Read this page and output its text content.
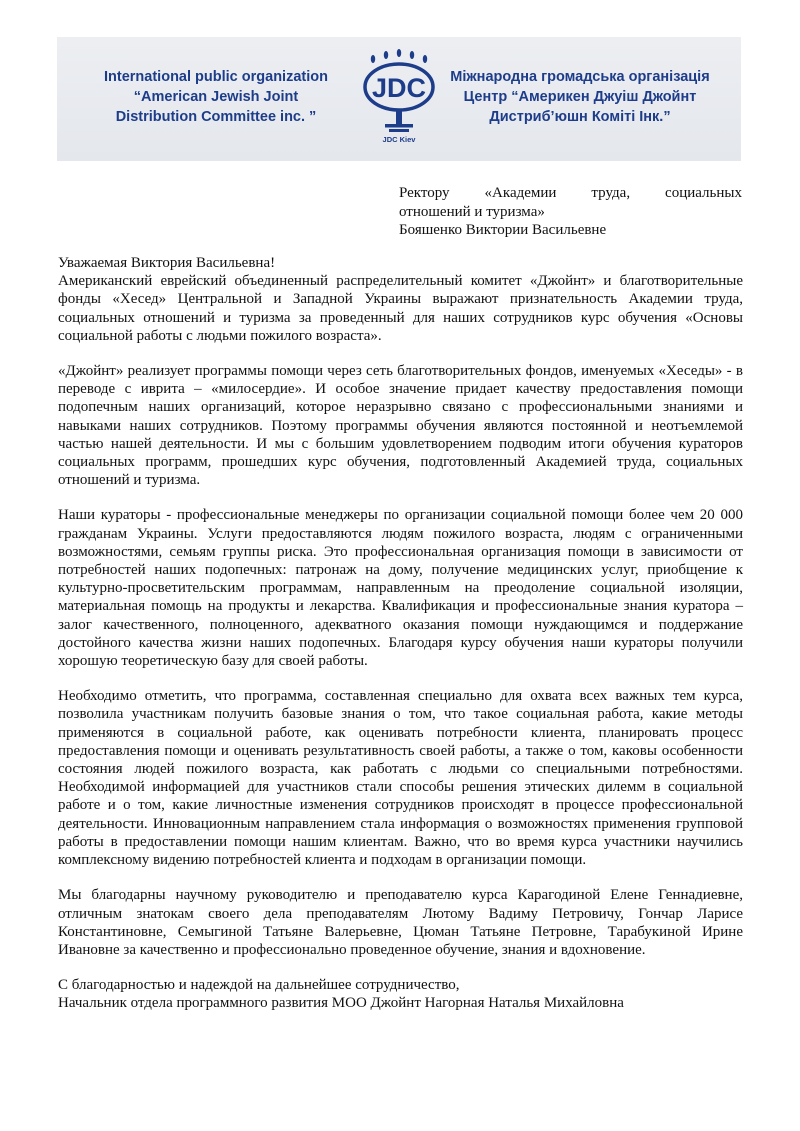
International public organization
“American Jewish Joint
Distribution Committee inc. ”
JDC
JDC Kiev
Міжнародна громадська організація
Центр “Америкен Джуіш Джойнт
Дистриб’юшн Комiтi Інк.”
Ректору «Академии труда, социальных
отношений и туризма»
Бояшенко Виктории Васильевне

Уважаемая Виктория Васильевна!

Американский еврейский объединенный распределительный комитет «Джойнт» и благотворительные фонды «Хесед» Центральной и Западной Украины выражают признательность Академии труда, социальных отношений и туризма за проведенный для наших сотрудников курс обучения «Основы социальной работы с людьми пожилого возраста».

«Джойнт» реализует программы помощи через сеть благотворительных фондов, именуемых «Хеседы» - в переводе с иврита – «милосердие». И особое значение придает качеству предоставления помощи подопечным наших организаций, которое неразрывно связано с профессиональными знаниями и навыками наших сотрудников. Поэтому программы обучения являются постоянной и неотъемлемой частью нашей деятельности. И мы с большим удовлетворением подводим итоги обучения кураторов социальных программ, прошедших курс обучения, подготовленный Академией труда, социальных отношений и туризма.

Наши кураторы - профессиональные менеджеры по организации социальной помощи более чем 20 000 гражданам Украины. Услуги предоставляются людям пожилого возраста, людям с ограниченными возможностями, семьям группы риска. Это профессиональная организация помощи в зависимости от потребностей наших подопечных: патронаж на дому, получение медицинских услуг, приобщение к культурно-просветительским программам, направленным на преодоление социальной изоляции, материальная помощь на продукты и лекарства. Квалификация и профессиональные знания куратора – залог качественного, полноценного, адекватного оказания помощи нуждающимся и поддержание достойного качества жизни наших подопечных. Благодаря курсу обучения наши кураторы получили хорошую теоретическую базу для своей работы.

Необходимо отметить, что программа, составленная специально для охвата всех важных тем курса, позволила участникам получить базовые знания о том, что такое социальная работа, какие методы применяются в социальной работе, как оценивать потребности клиента, планировать процесс предоставления помощи и оценивать результативность своей работы, а также о том, каковы особенности состояния людей пожилого возраста, как работать с людьми со специальными потребностями. Необходимой информацией для участников стали способы решения этических дилемм в социальной работе и о том, какие личностные изменения сотрудников происходят в процессе профессиональной деятельности. Инновационным направлением стала информация о возможностях применения групповой работы в предоставлении помощи нашим клиентам. Важно, что во время курса участники научились комплексному видению потребностей клиента и подходам в организации помощи.

Мы благодарны научному руководителю и преподавателю курса Карагодиной Елене Геннадиевне, отличным знатокам своего дела преподавателям Лютому Вадиму Петровичу, Гончар Ларисе Константиновне, Семыгиной Татьяне Валерьевне, Цюман Татьяне Петровне, Тарабукиной Ирине Ивановне за качественно и профессионально проведенное обучение, знания и вдохновение.

С благодарностью и надеждой на дальнейшее сотрудничество,

Начальник отдела программного развития МОО Джойнт Нагорная Наталья Михайловна
